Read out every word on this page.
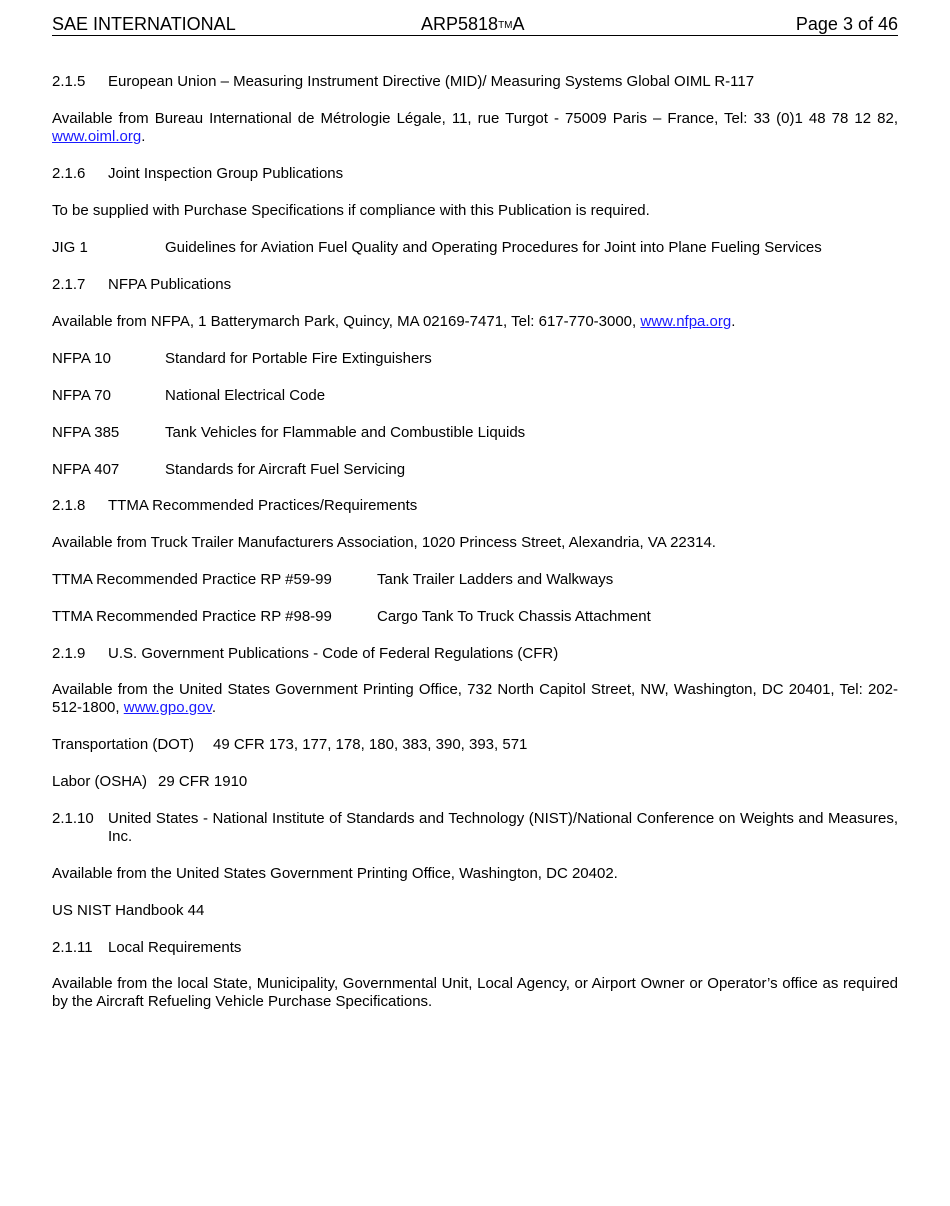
SAE INTERNATIONAL	ARP5818TMA	Page 3 of 46
2.1.5 European Union – Measuring Instrument Directive (MID)/ Measuring Systems Global OIML R-117
Available from Bureau International de Métrologie Légale, 11, rue Turgot - 75009 Paris – France, Tel: 33 (0)1 48 78 12 82, www.oiml.org.
2.1.6 Joint Inspection Group Publications
To be supplied with Purchase Specifications if compliance with this Publication is required.
JIG 1	Guidelines for Aviation Fuel Quality and Operating Procedures for Joint into Plane Fueling Services
2.1.7 NFPA Publications
Available from NFPA, 1 Batterymarch Park, Quincy, MA 02169-7471, Tel: 617-770-3000, www.nfpa.org.
NFPA 10	Standard for Portable Fire Extinguishers
NFPA 70	National Electrical Code
NFPA 385	Tank Vehicles for Flammable and Combustible Liquids
NFPA 407	Standards for Aircraft Fuel Servicing
2.1.8 TTMA Recommended Practices/Requirements
Available from Truck Trailer Manufacturers Association, 1020 Princess Street, Alexandria, VA 22314.
TTMA Recommended Practice RP #59-99	Tank Trailer Ladders and Walkways
TTMA Recommended Practice RP #98-99	Cargo Tank To Truck Chassis Attachment
2.1.9 U.S. Government Publications - Code of Federal Regulations (CFR)
Available from the United States Government Printing Office, 732 North Capitol Street, NW, Washington, DC 20401, Tel: 202-512-1800, www.gpo.gov.
Transportation (DOT) 49 CFR 173, 177, 178, 180, 383, 390, 393, 571
Labor (OSHA) 29 CFR 1910
2.1.10 United States - National Institute of Standards and Technology (NIST)/National Conference on Weights and Measures, Inc.
Available from the United States Government Printing Office, Washington, DC 20402.
US NIST Handbook 44
2.1.11 Local Requirements
Available from the local State, Municipality, Governmental Unit, Local Agency, or Airport Owner or Operator’s office as required by the Aircraft Refueling Vehicle Purchase Specifications.
